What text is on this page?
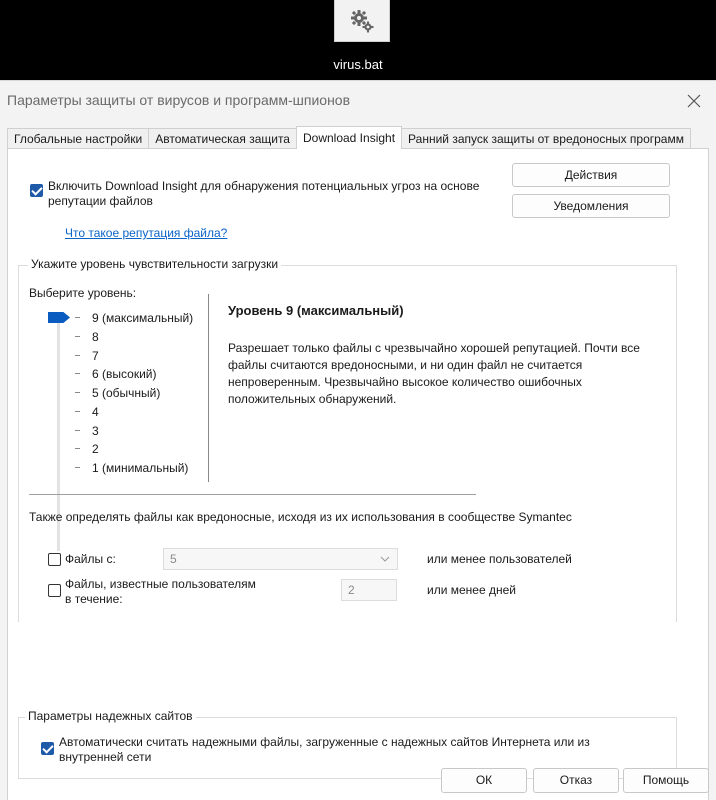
virus.bat
Параметры защиты от вирусов и программ-шпионов
Глобальные настройки	Автоматическая защита	Download Insight	Ранний запуск защиты от вредоносных программ
Включить Download Insight для обнаружения потенциальных угроз на основе
репутации файлов
Действия
Уведомления
Что такое репутация файла?
Укажите уровень чувствительности загрузки
Выберите уровень:
9 (максимальный)
8
7
6 (высокий)
5 (обычный)
4
3
2
1 (минимальный)
Уровень 9 (максимальный)
Разрешает только файлы с чрезвычайно хорошей репутацией. Почти все
файлы считаются вредоносными, и ни один файл не считается
непроверенным. Чрезвычайно высокое количество ошибочных
положительных обнаружений.
Также определять файлы как вредоносные, исходя из их использования в сообществе Symantec
Файлы с:	5	или менее пользователей
Файлы, известные пользователям
в течение:
2	или менее дней
Параметры надежных сайтов
Автоматически считать надежными файлы, загруженные с надежных сайтов Интернета или из
внутренней сети
ОК	Отказ	Помощь
